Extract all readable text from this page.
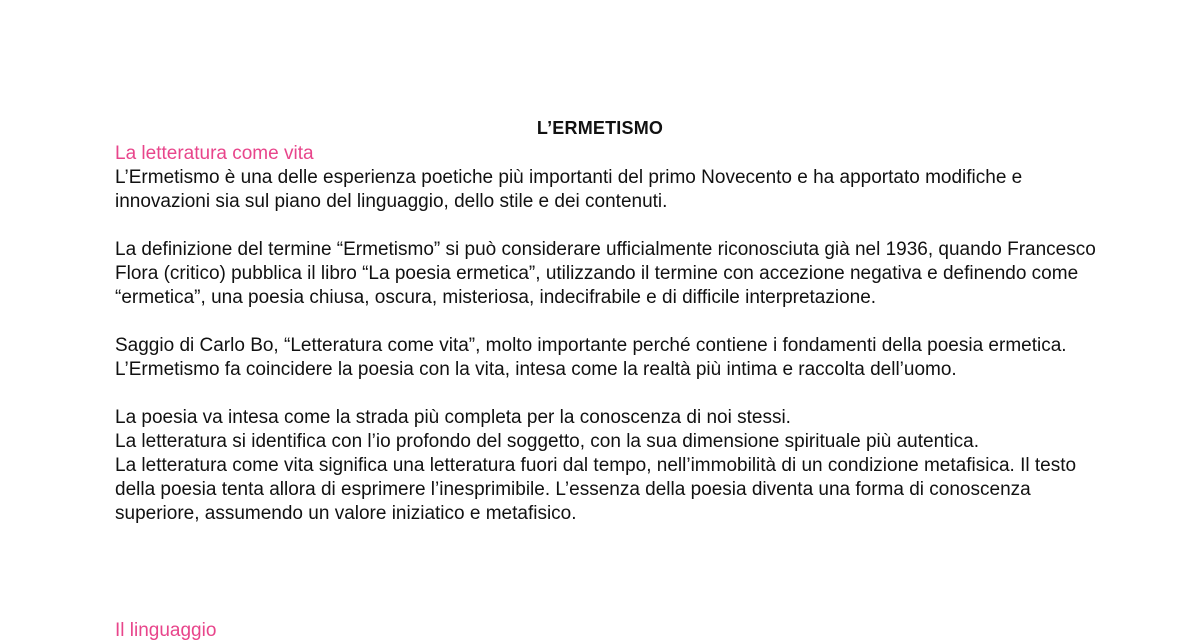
L’ERMETISMO

La letteratura come vita

L’Ermetismo è una delle esperienza poetiche più importanti del primo Novecento e ha apportato modifiche e innovazioni sia sul piano del linguaggio, dello stile e dei contenuti.

La definizione del termine “Ermetismo” si può considerare ufficialmente riconosciuta già nel 1936, quando Francesco Flora (critico) pubblica il libro “La poesia ermetica”, utilizzando il termine con accezione negativa e definendo come “ermetica”, una poesia chiusa, oscura, misteriosa, indecifrabile e di difficile interpretazione.

Saggio di Carlo Bo, “Letteratura come vita”, molto importante perché contiene i fondamenti della poesia ermetica. L’Ermetismo fa coincidere la poesia con la vita, intesa come la realtà più intima e raccolta dell’uomo.

La poesia va intesa come la strada più completa per la conoscenza di noi stessi.

La letteratura si identifica con l’io profondo del soggetto, con la sua dimensione spirituale più autentica.

La letteratura come vita significa una letteratura fuori dal tempo, nell’immobilità di un condizione metafisica. Il testo della poesia tenta allora di esprimere l’inesprimibile. L’essenza della poesia diventa una forma di conoscenza superiore, assumendo un valore iniziatico e metafisico.

Il linguaggio
